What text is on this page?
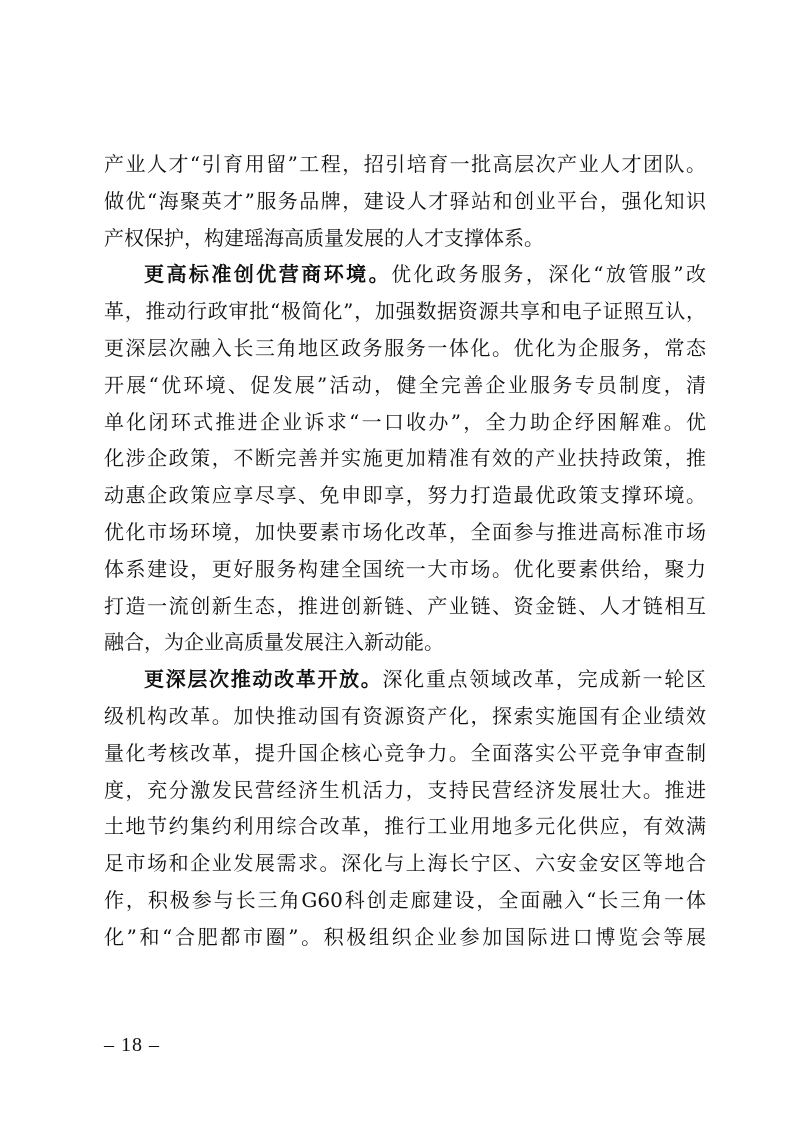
产业人才“引育用留”工程，招引培育一批高层次产业人才团队。
做优“海聚英才”服务品牌，建设人才驿站和创业平台，强化知识
产权保护，构建瑶海高质量发展的人才支撑体系。
更高标准创优营商环境。优化政务服务，深化“放管服”改
革，推动行政审批“极简化”，加强数据资源共享和电子证照互认，
更深层次融入长三角地区政务服务一体化。优化为企服务，常态
开展“优环境、促发展”活动，健全完善企业服务专员制度，清
单化闭环式推进企业诉求“一口收办”，全力助企纾困解难。优
化涉企政策，不断完善并实施更加精准有效的产业扶持政策，推
动惠企政策应享尽享、免申即享，努力打造最优政策支撑环境。
优化市场环境，加快要素市场化改革，全面参与推进高标准市场
体系建设，更好服务构建全国统一大市场。优化要素供给，聚力
打造一流创新生态，推进创新链、产业链、资金链、人才链相互
融合，为企业高质量发展注入新动能。
更深层次推动改革开放。深化重点领域改革，完成新一轮区
级机构改革。加快推动国有资源资产化，探索实施国有企业绩效
量化考核改革，提升国企核心竞争力。全面落实公平竞争审查制
度，充分激发民营经济生机活力，支持民营经济发展壮大。推进
土地节约集约利用综合改革，推行工业用地多元化供应，有效满
足市场和企业发展需求。深化与上海长宁区、六安金安区等地合
作，积极参与长三角G60科创走廊建设，全面融入“长三角一体
化”和“合肥都市圈”。积极组织企业参加国际进口博览会等展
– 18 –
